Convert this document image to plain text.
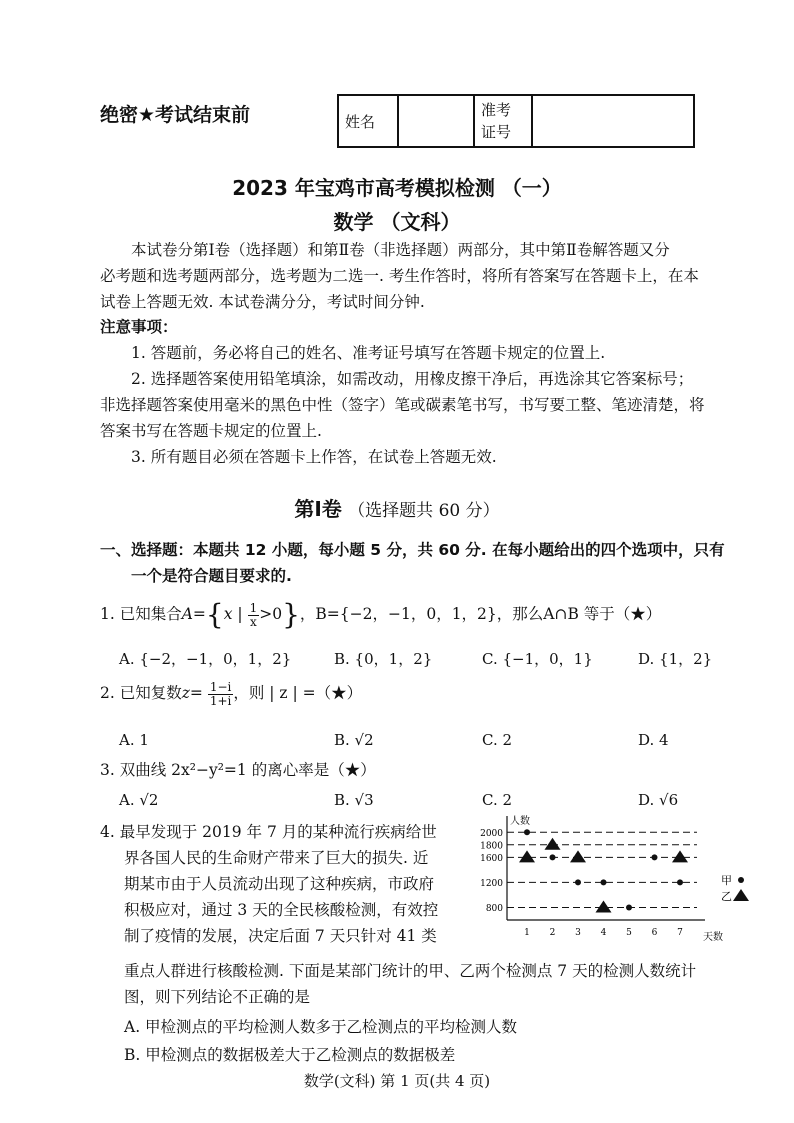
绝密★考试结束前	姓名		准考
证号	
2023 年宝鸡市高考模拟检测 （一）
数学 （文科）
本试卷分第Ⅰ卷（选择题）和第Ⅱ卷（非选择题）两部分，其中第Ⅱ卷解答题又分
必考题和选考题两部分，选考题为二选一. 考生作答时，将所有答案写在答题卡上，在本
试卷上答题无效. 本试卷满分分，考试时间分钟.
注意事项：
1. 答题前，务必将自己的姓名、准考证号填写在答题卡规定的位置上.
2. 选择题答案使用铅笔填涂，如需改动，用橡皮擦干净后，再选涂其它答案标号；
非选择题答案使用毫米的黑色中性（签字）笔或碳素笔书写，书写要工整、笔迹清楚，将
答案书写在答题卡规定的位置上.
3. 所有题目必须在答题卡上作答，在试卷上答题无效.
第Ⅰ卷 （选择题共 60 分）
一、选择题：本题共 12 小题，每小题 5 分，共 60 分. 在每小题给出的四个选项中，只有
一个是符合题目要求的.
1. 已知集合A={x | $\frac{1}{x} >0$}，B={−2，−1，0，1，2}，那么A∩B 等于（★）
A. {−2，−1，0，1，2}	B. {0，1，2}	C. {−1，0，1}	D. {1，2}
2. 已知复数$z= \frac{1-i}{1+i}$ ，则 | z | =（★）
A. 1	B. √2	C. 2	D. 4
3. 双曲线 2x²−y²=1 的离心率是（★）
A. √2	B. √3	C. 2	D. √6
4. 最早发现于 2019 年 7 月的某种流行疾病给世
界各国人民的生命财产带来了巨大的损失. 近
期某市由于人员流动出现了这种疾病，市政府
积极应对，通过 3 天的全民核酸检测，有效控
制了疫情的发展，决定后面 7 天只针对 41 类
重点人群进行核酸检测. 下面是某部门统计的甲、乙两个检测点 7 天的检测人数统计
图，则下列结论不正确的是
A. 甲检测点的平均检测人数多于乙检测点的平均检测人数
B. 甲检测点的数据极差大于乙检测点的数据极差
人数
天数
800
1200
1600
1800
2000
1 2 3 4 5 6 7
甲
乙
数学(文科) 第 1 页(共 4 页)
